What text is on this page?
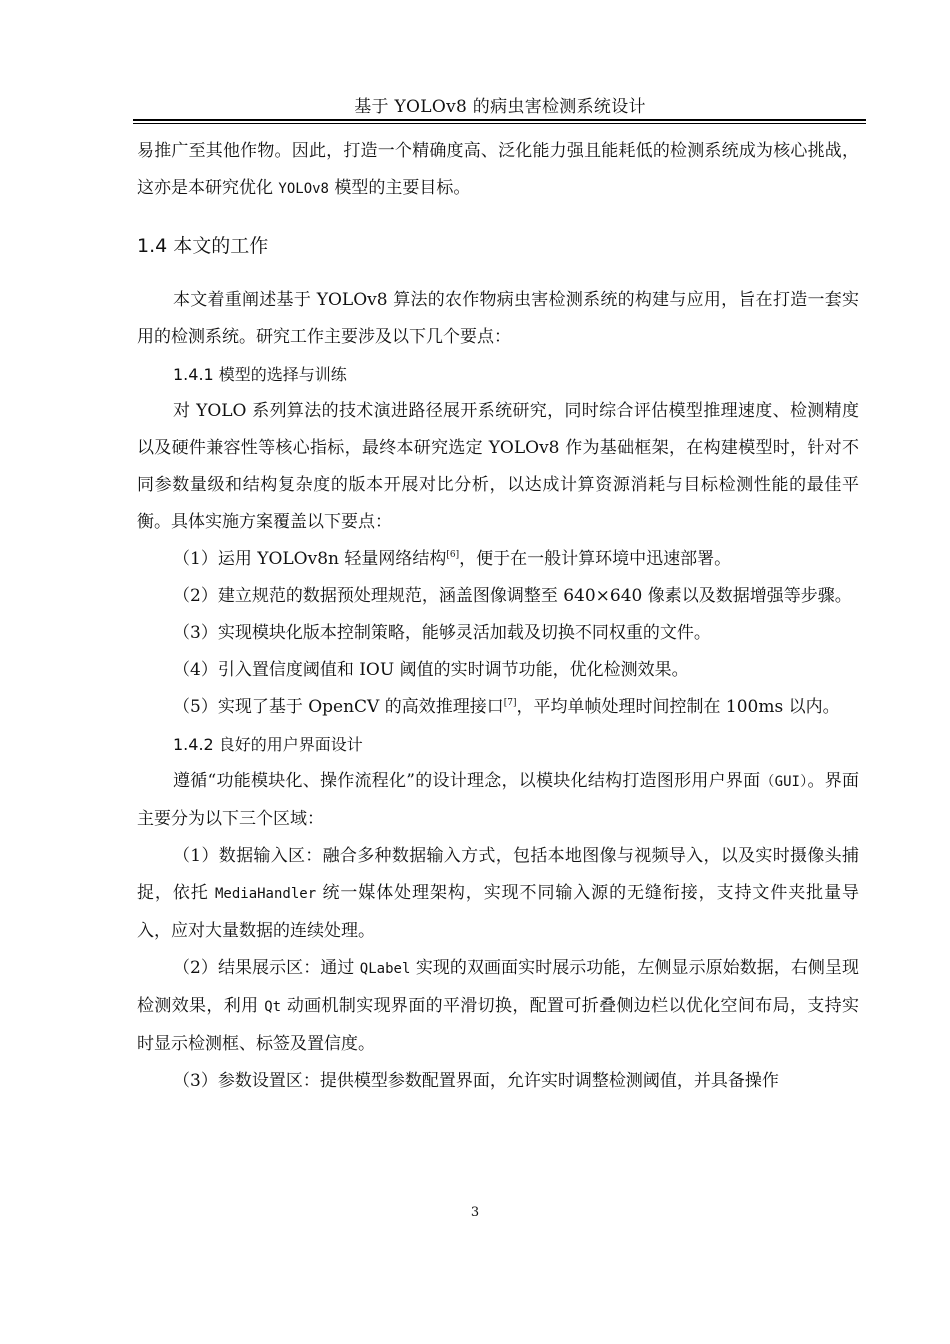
基于 YOLOv8 的病虫害检测系统设计

易推广至其他作物。因此，打造一个精确度高、泛化能力强且能耗低的检测系统成为核心挑战，这亦是本研究优化 YOLOv8 模型的主要目标。

1.4 本文的工作

本文着重阐述基于 YOLOv8 算法的农作物病虫害检测系统的构建与应用，旨在打造一套实用的检测系统。研究工作主要涉及以下几个要点：

1.4.1 模型的选择与训练

对 YOLO 系列算法的技术演进路径展开系统研究，同时综合评估模型推理速度、检测精度以及硬件兼容性等核心指标，最终本研究选定 YOLOv8 作为基础框架，在构建模型时，针对不同参数量级和结构复杂度的版本开展对比分析，以达成计算资源消耗与目标检测性能的最佳平衡。具体实施方案覆盖以下要点：

（1）运用 YOLOv8n 轻量网络结构[6]，便于在一般计算环境中迅速部署。

（2）建立规范的数据预处理规范，涵盖图像调整至 640×640 像素以及数据增强等步骤。

（3）实现模块化版本控制策略，能够灵活加载及切换不同权重的文件。

（4）引入置信度阈值和 IOU 阈值的实时调节功能，优化检测效果。

（5）实现了基于 OpenCV 的高效推理接口[7]，平均单帧处理时间控制在 100ms 以内。

1.4.2 良好的用户界面设计

遵循“功能模块化、操作流程化”的设计理念，以模块化结构打造图形用户界面（GUI）。界面主要分为以下三个区域：

（1）数据输入区：融合多种数据输入方式，包括本地图像与视频导入，以及实时摄像头捕捉，依托 MediaHandler 统一媒体处理架构，实现不同输入源的无缝衔接，支持文件夹批量导入，应对大量数据的连续处理。

（2）结果展示区：通过 QLabel 实现的双画面实时展示功能，左侧显示原始数据，右侧呈现检测效果，利用 Qt 动画机制实现界面的平滑切换，配置可折叠侧边栏以优化空间布局，支持实时显示检测框、标签及置信度。

（3）参数设置区：提供模型参数配置界面，允许实时调整检测阈值，并具备操作

3
